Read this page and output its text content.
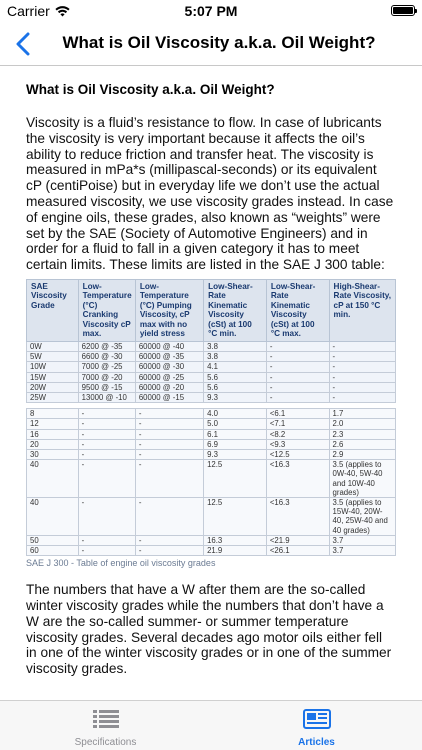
Carrier	5:07 PM
What is Oil Viscosity a.k.a. Oil Weight?
What is Oil Viscosity a.k.a. Oil Weight?

Viscosity is a fluid’s resistance to flow. In case of lubricants the viscosity is very important because it affects the oil’s ability to reduce friction and transfer heat. The viscosity is measured in mPa*s (millipascal-seconds) or its equivalent cP (centiPoise) but in everyday life we don’t use the actual measured viscosity, we use viscosity grades instead. In case of engine oils, these grades, also known as “weights” were set by the SAE (Society of Automotive Engineers) and in order for a fluid to fall in a given category it has to meet certain limits. These limits are listed in the SAE J 300 table:

SAE Viscosity Grade	Low-Temperature (°C) Cranking Viscosity cP max.	Low-Temperature (°C) Pumping Viscosity, cP max with no yield stress	Low-Shear-Rate Kinematic Viscosity (cSt) at 100 °C min.	Low-Shear-Rate Kinematic Viscosity (cSt) at 100 °C max.	High-Shear-Rate Viscosity, cP at 150 °C min.
0W	6200 @ -35	60000 @ -40	3.8	-	-
5W	6600 @ -30	60000 @ -35	3.8	-	-
10W	7000 @ -25	60000 @ -30	4.1	-	-
15W	7000 @ -20	60000 @ -25	5.6	-	-
20W	9500 @ -15	60000 @ -20	5.6	-	-
25W	13000 @ -10	60000 @ -15	9.3	-	-

8	-	-	4.0	<6.1	1.7
12	-	-	5.0	<7.1	2.0
16	-	-	6.1	<8.2	2.3
20	-	-	6.9	<9.3	2.6
30	-	-	9.3	<12.5	2.9
40	-	-	12.5	<16.3	3.5 (applies to 0W-40, 5W-40 and 10W-40 grades)
40	-	-	12.5	<16.3	3.5 (applies to 15W-40, 20W-40, 25W-40 and 40 grades)
50	-	-	16.3	<21.9	3.7
60	-	-	21.9	<26.1	3.7
SAE J 300 - Table of engine oil viscosity grades

The numbers that have a W after them are the so-called winter viscosity grades while the numbers that don’t have a W are the so-called summer- or summer temperature viscosity grades. Several decades ago motor oils either fell in one of the winter viscosity grades or in one of the summer viscosity grades.

Specifications	Articles
